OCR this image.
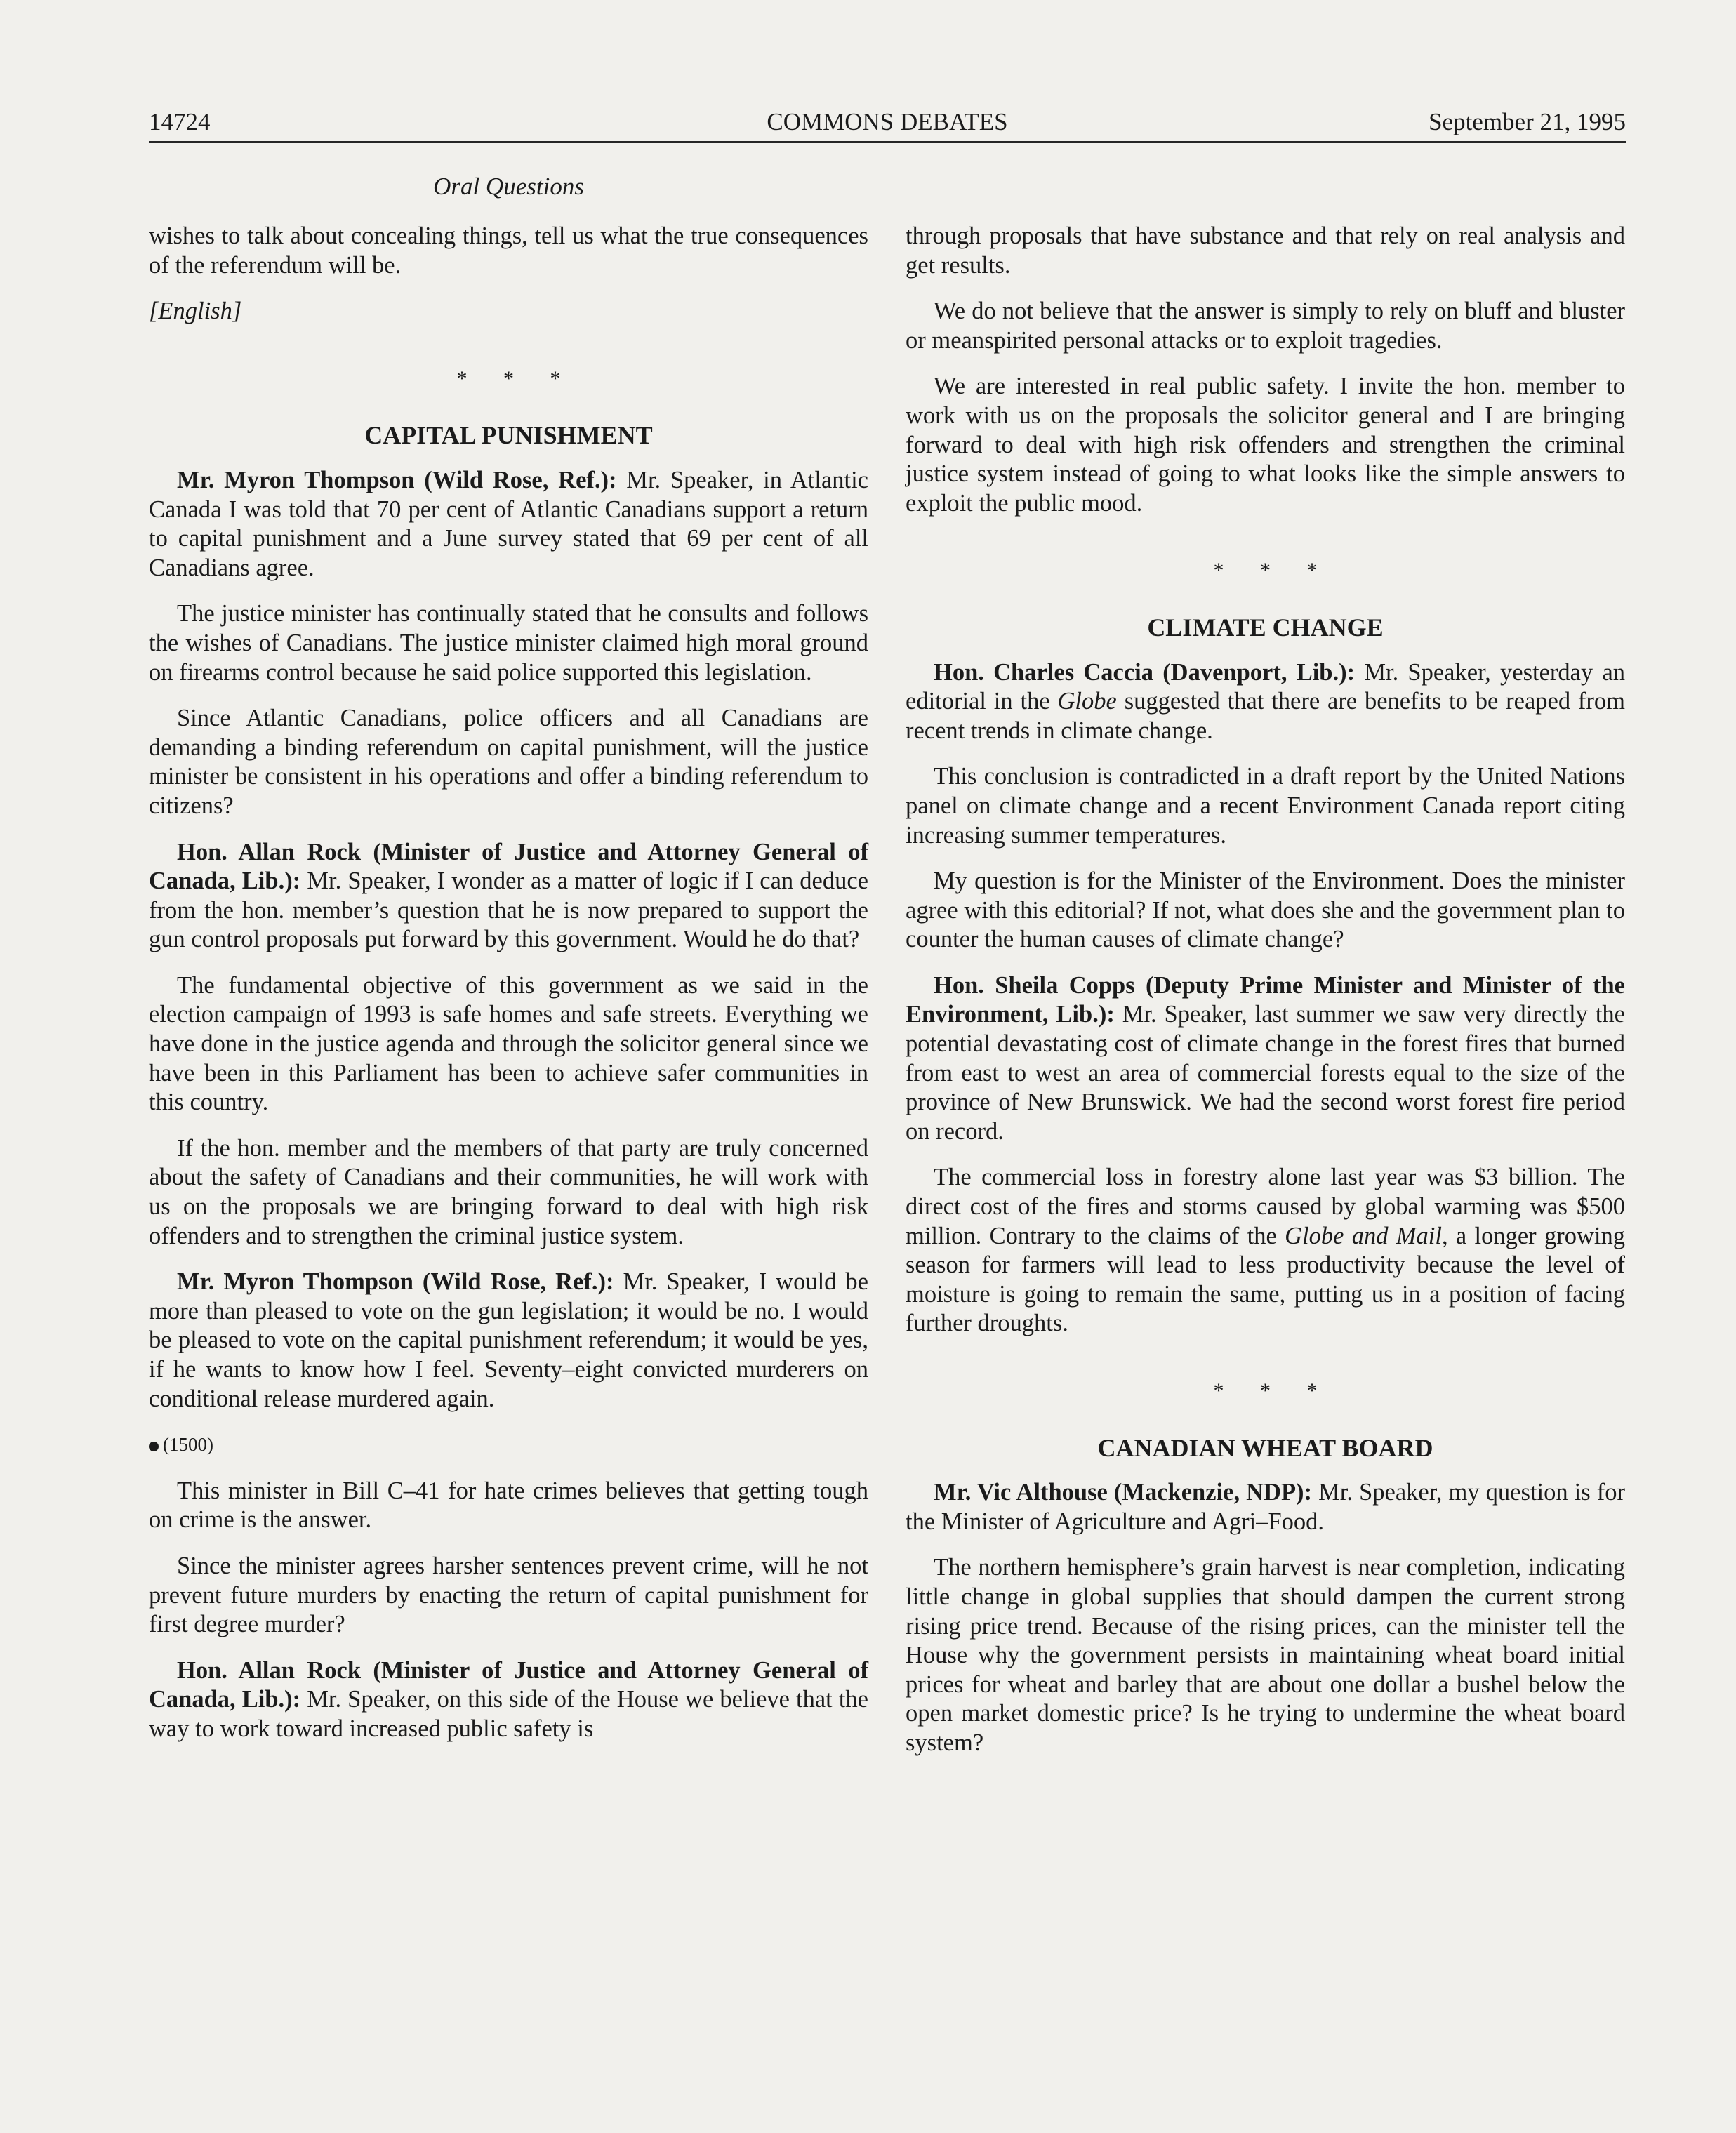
14724	COMMONS DEBATES	September 21, 1995
Oral Questions

wishes to talk about concealing things, tell us what the true consequences of the referendum will be.

[English]

* * *
CAPITAL PUNISHMENT

Mr. Myron Thompson (Wild Rose, Ref.): Mr. Speaker, in Atlantic Canada I was told that 70 per cent of Atlantic Canadians support a return to capital punishment and a June survey stated that 69 per cent of all Canadians agree.

The justice minister has continually stated that he consults and follows the wishes of Canadians. The justice minister claimed high moral ground on firearms control because he said police supported this legislation.

Since Atlantic Canadians, police officers and all Canadians are demanding a binding referendum on capital punishment, will the justice minister be consistent in his operations and offer a binding referendum to citizens?

Hon. Allan Rock (Minister of Justice and Attorney General of Canada, Lib.): Mr. Speaker, I wonder as a matter of logic if I can deduce from the hon. member’s question that he is now prepared to support the gun control proposals put forward by this government. Would he do that?

The fundamental objective of this government as we said in the election campaign of 1993 is safe homes and safe streets. Everything we have done in the justice agenda and through the solicitor general since we have been in this Parliament has been to achieve safer communities in this country.

If the hon. member and the members of that party are truly concerned about the safety of Canadians and their communities, he will work with us on the proposals we are bringing forward to deal with high risk offenders and to strengthen the criminal justice system.

Mr. Myron Thompson (Wild Rose, Ref.): Mr. Speaker, I would be more than pleased to vote on the gun legislation; it would be no. I would be pleased to vote on the capital punishment referendum; it would be yes, if he wants to know how I feel. Seventy–eight convicted murderers on conditional release murdered again.

(1500)

This minister in Bill C–41 for hate crimes believes that getting tough on crime is the answer.

Since the minister agrees harsher sentences prevent crime, will he not prevent future murders by enacting the return of capital punishment for first degree murder?

Hon. Allan Rock (Minister of Justice and Attorney General of Canada, Lib.): Mr. Speaker, on this side of the House we believe that the way to work toward increased public safety is

through proposals that have substance and that rely on real analysis and get results.

We do not believe that the answer is simply to rely on bluff and bluster or meanspirited personal attacks or to exploit tragedies.

We are interested in real public safety. I invite the hon. member to work with us on the proposals the solicitor general and I are bringing forward to deal with high risk offenders and strengthen the criminal justice system instead of going to what looks like the simple answers to exploit the public mood.

* * *
CLIMATE CHANGE

Hon. Charles Caccia (Davenport, Lib.): Mr. Speaker, yesterday an editorial in the Globe suggested that there are benefits to be reaped from recent trends in climate change.

This conclusion is contradicted in a draft report by the United Nations panel on climate change and a recent Environment Canada report citing increasing summer temperatures.

My question is for the Minister of the Environment. Does the minister agree with this editorial? If not, what does she and the government plan to counter the human causes of climate change?

Hon. Sheila Copps (Deputy Prime Minister and Minister of the Environment, Lib.): Mr. Speaker, last summer we saw very directly the potential devastating cost of climate change in the forest fires that burned from east to west an area of commercial forests equal to the size of the province of New Brunswick. We had the second worst forest fire period on record.

The commercial loss in forestry alone last year was $3 billion. The direct cost of the fires and storms caused by global warming was $500 million. Contrary to the claims of the Globe and Mail, a longer growing season for farmers will lead to less productivity because the level of moisture is going to remain the same, putting us in a position of facing further droughts.

* * *
CANADIAN WHEAT BOARD

Mr. Vic Althouse (Mackenzie, NDP): Mr. Speaker, my question is for the Minister of Agriculture and Agri–Food.

The northern hemisphere’s grain harvest is near completion, indicating little change in global supplies that should dampen the current strong rising price trend. Because of the rising prices, can the minister tell the House why the government persists in maintaining wheat board initial prices for wheat and barley that are about one dollar a bushel below the open market domestic price? Is he trying to undermine the wheat board system?
